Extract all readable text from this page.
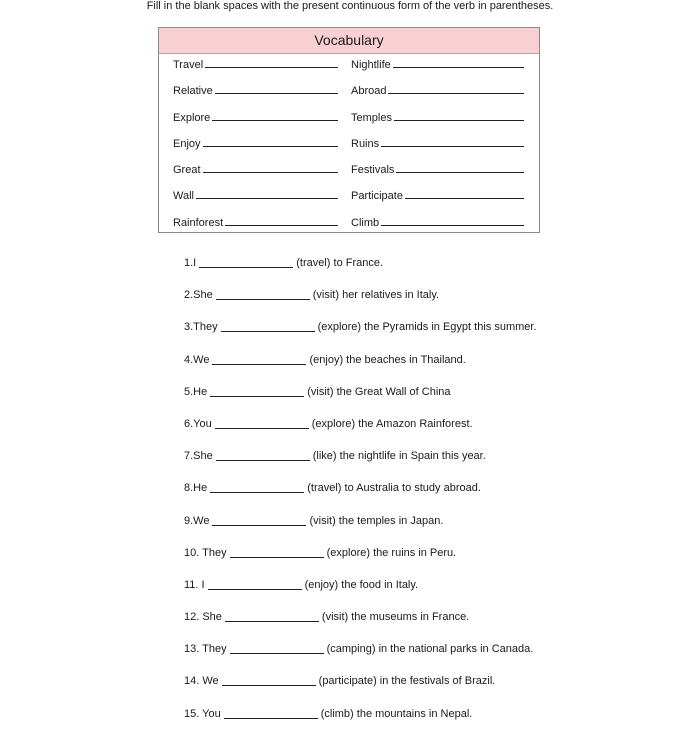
Fill in the blank spaces with the present continuous form of the verb in parentheses.
Vocabulary
Travel	Nightlife
Relative	Abroad
Explore	Temples
Enjoy	Ruins
Great	Festivals
Wall	Participate
Rainforest	Climb
1.I	(travel) to France.
2.She	(visit) her relatives in Italy.
3.They	(explore) the Pyramids in Egypt this summer.
4.We	(enjoy) the beaches in Thailand.
5.He	(visit) the Great Wall of China
6.You	(explore) the Amazon Rainforest.
7.She	(like) the nightlife in Spain this year.
8.He	(travel) to Australia to study abroad.
9.We	(visit) the temples in Japan.
10. They	(explore) the ruins in Peru.
11. I	(enjoy) the food in Italy.
12. She	(visit) the museums in France.
13. They	(camping) in the national parks in Canada.
14. We	(participate) in the festivals of Brazil.
15. You	(climb) the mountains in Nepal.
